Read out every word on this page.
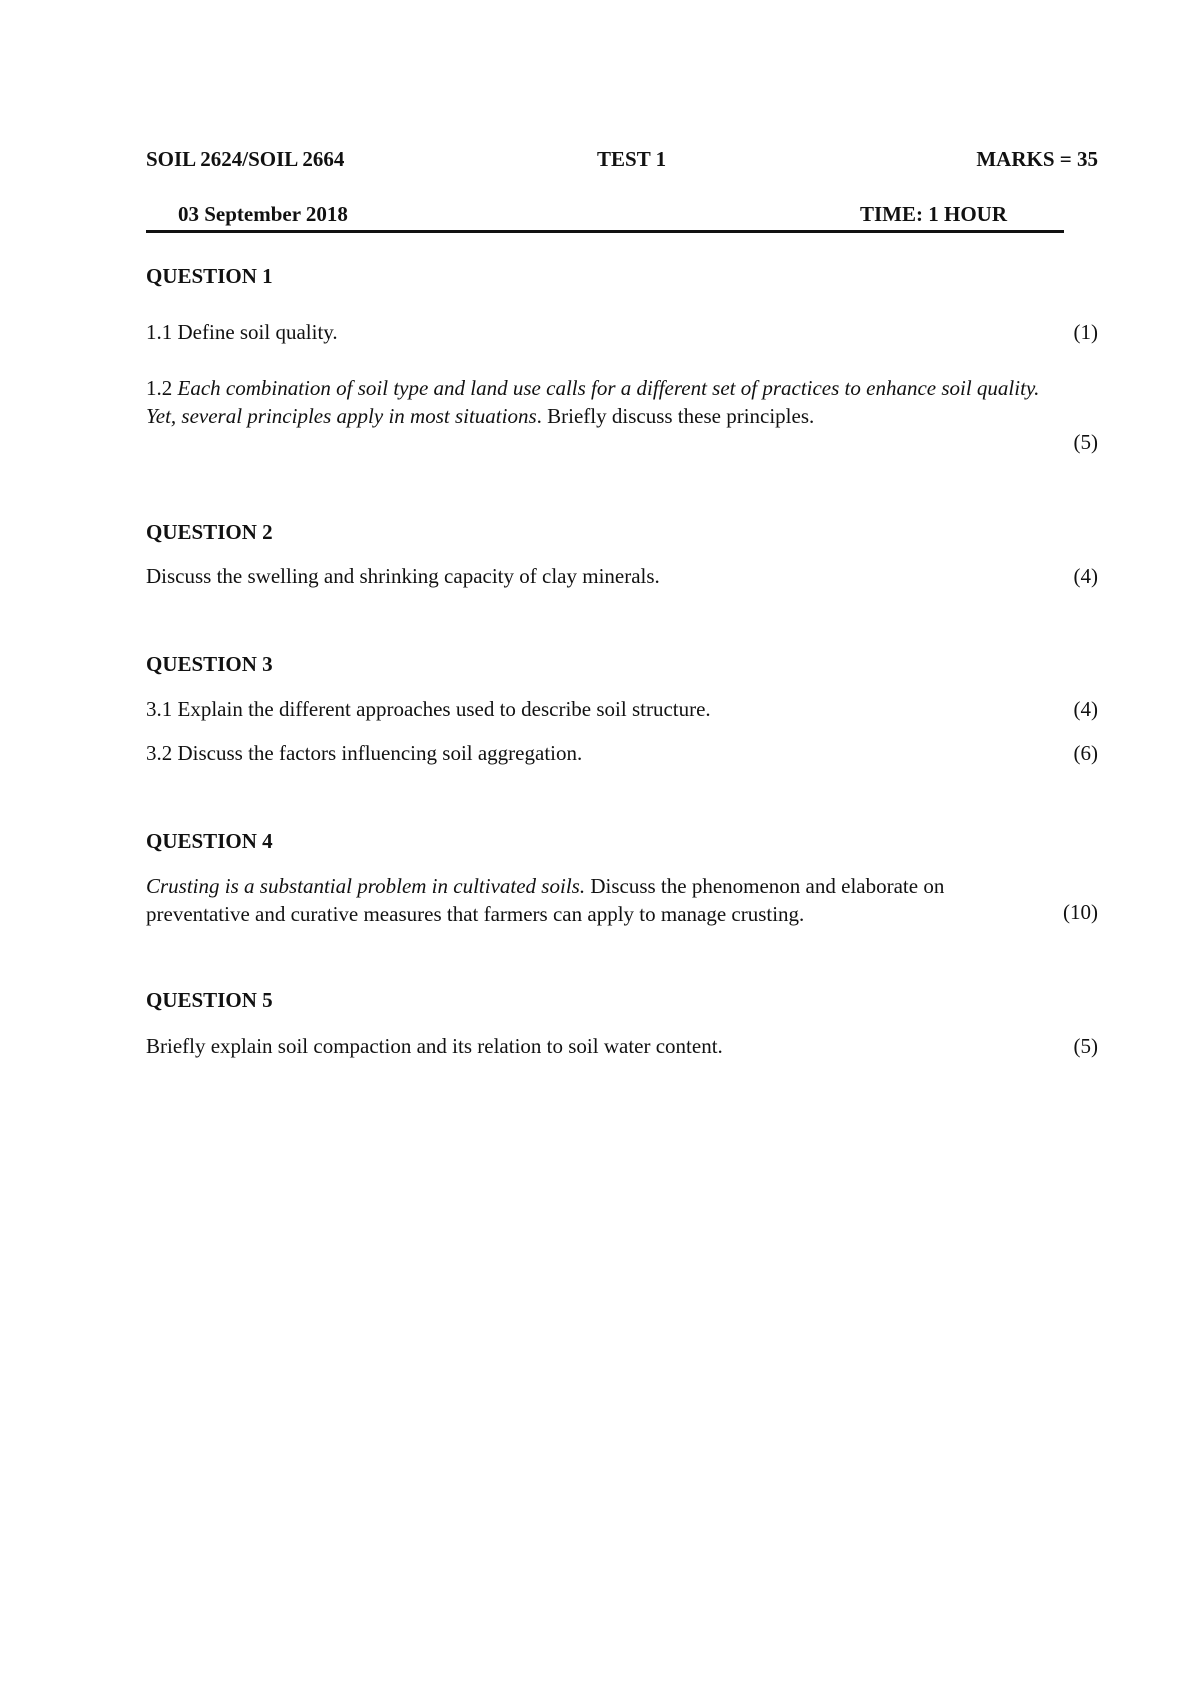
SOIL 2624/SOIL 2664	TEST 1	MARKS = 35
03 September 2018	TIME: 1 HOUR
QUESTION 1
1.1 Define soil quality.	(1)
1.2 Each combination of soil type and land use calls for a different set of practices to enhance soil quality. Yet, several principles apply in most situations. Briefly discuss these principles.
(5)
QUESTION 2
Discuss the swelling and shrinking capacity of clay minerals.	(4)
QUESTION 3
3.1 Explain the different approaches used to describe soil structure.	(4)
3.2 Discuss the factors influencing soil aggregation.	(6)
QUESTION 4
Crusting is a substantial problem in cultivated soils. Discuss the phenomenon and elaborate on preventative and curative measures that farmers can apply to manage crusting.	(10)
QUESTION 5
Briefly explain soil compaction and its relation to soil water content.	(5)
